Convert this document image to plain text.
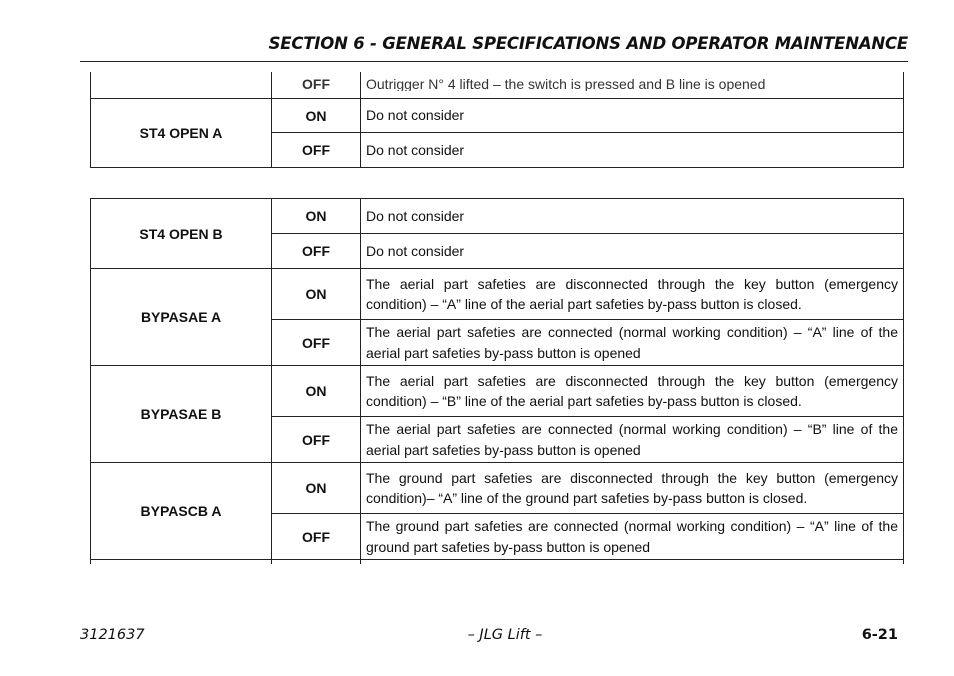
SECTION 6 - GENERAL SPECIFICATIONS AND OPERATOR MAINTENANCE

	OFF	Outrigger N° 4 lifted – the switch is pressed and B line is opened

ST4 OPEN A	ON	Do not consider
	OFF	Do not consider
ST4 OPEN B	ON	Do not consider
	OFF	Do not consider
BYPASAE A	ON	The aerial part safeties are disconnected through the key button (emergency condition) – “A” line of the aerial part safeties by-pass button is closed.
	OFF	The aerial part safeties are connected (normal working condition) – “A” line of the aerial part safeties by-pass button is opened
BYPASAE B	ON	The aerial part safeties are disconnected through the key button (emergency condition) – “B” line of the aerial part safeties by-pass button is closed.
	OFF	The aerial part safeties are connected (normal working condition) – “B” line of the aerial part safeties by-pass button is opened
BYPASCB A	ON	The ground part safeties are disconnected through the key button (emergency condition)– “A” line of the ground part safeties by-pass button is closed.
	OFF	The ground part safeties are connected (normal working condition) – “A” line of the ground part safeties by-pass button is opened

3121637	– JLG Lift –	6-21
